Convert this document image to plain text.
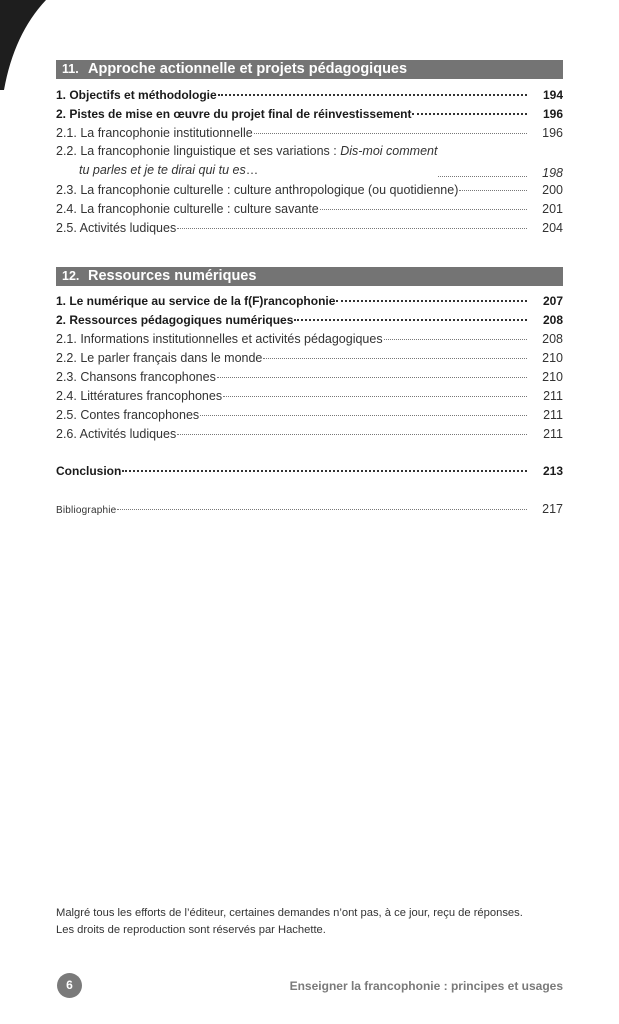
11. Approche actionnelle et projets pédagogiques
1. Objectifs et méthodologie	194
2. Pistes de mise en œuvre du projet final de réinvestissement	196
2.1. La francophonie institutionnelle	196
2.2. La francophonie linguistique et ses variations : Dis-moi comment
tu parles et je te dirai qui tu es…	198
2.3. La francophonie culturelle : culture anthropologique (ou quotidienne)	200
2.4. La francophonie culturelle : culture savante	201
2.5. Activités ludiques	204
12. Ressources numériques
1. Le numérique au service de la f(F)rancophonie	207
2. Ressources pédagogiques numériques	208
2.1. Informations institutionnelles et activités pédagogiques	208
2.2. Le parler français dans le monde	210
2.3. Chansons francophones	210
2.4. Littératures francophones	211
2.5. Contes francophones	211
2.6. Activités ludiques	211
Conclusion	213
Bibliographie	217

Malgré tous les efforts de l’éditeur, certaines demandes n’ont pas, à ce jour, reçu de réponses.
Les droits de reproduction sont réservés par Hachette.

6	Enseigner la francophonie : principes et usages
